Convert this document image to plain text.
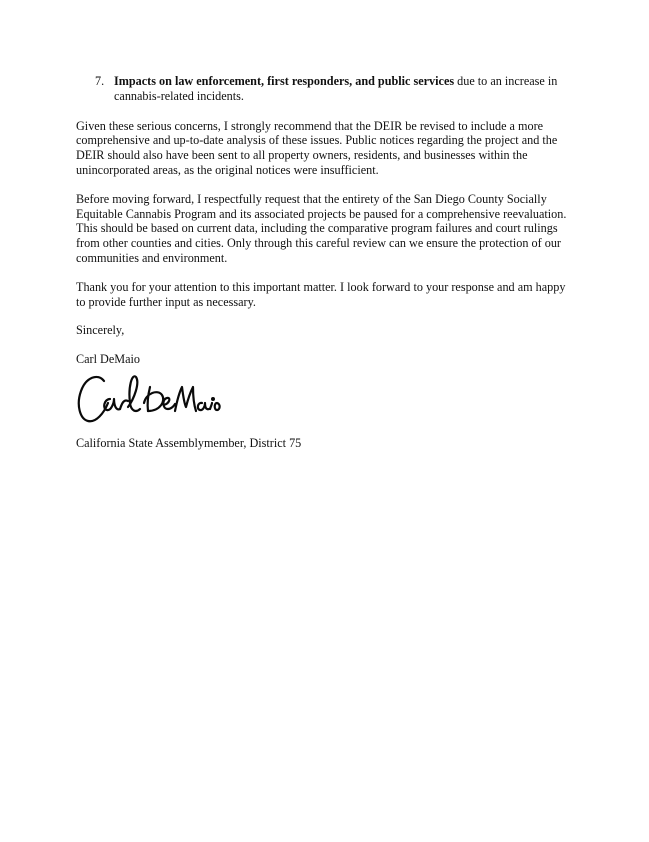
7. Impacts on law enforcement, first responders, and public services due to an increase in cannabis-related incidents.

Given these serious concerns, I strongly recommend that the DEIR be revised to include a more comprehensive and up-to-date analysis of these issues. Public notices regarding the project and the DEIR should also have been sent to all property owners, residents, and businesses within the unincorporated areas, as the original notices were insufficient.

Before moving forward, I respectfully request that the entirety of the San Diego County Socially Equitable Cannabis Program and its associated projects be paused for a comprehensive reevaluation. This should be based on current data, including the comparative program failures and court rulings from other counties and cities. Only through this careful review can we ensure the protection of our communities and environment.

Thank you for your attention to this important matter. I look forward to your response and am happy to provide further input as necessary.

Sincerely,

Carl DeMaio

California State Assemblymember, District 75
